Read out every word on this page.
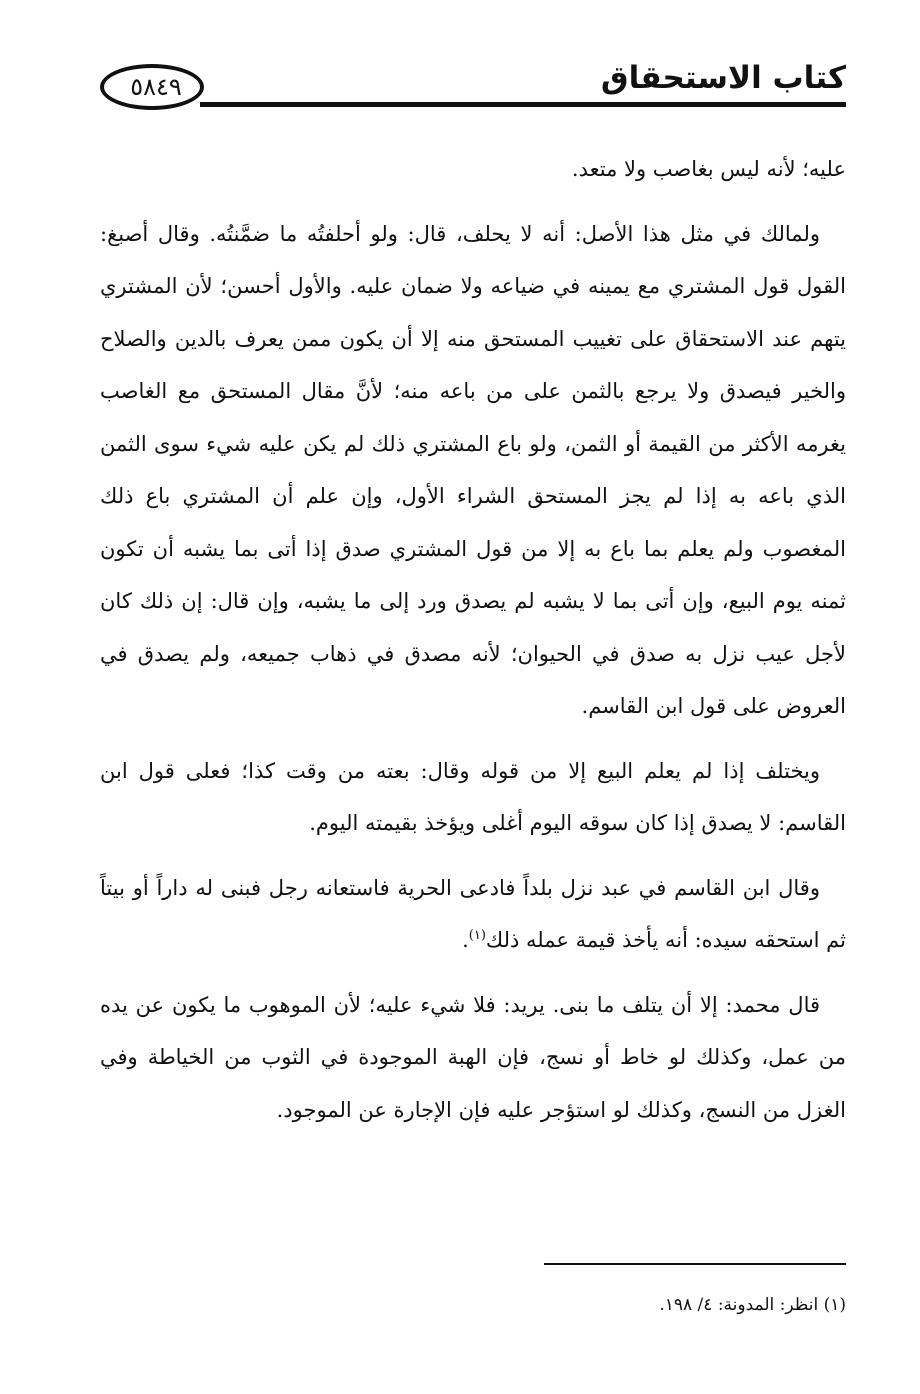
كتاب الاستحقاق
٥٨٤٩

عليه؛ لأنه ليس بغاصب ولا متعد.

ولمالك في مثل هذا الأصل: أنه لا يحلف، قال: ولو أحلفتُه ما ضمَّنتُه. وقال أصبغ: القول قول المشتري مع يمينه في ضياعه ولا ضمان عليه. والأول أحسن؛ لأن المشتري يتهم عند الاستحقاق على تغييب المستحق منه إلا أن يكون ممن يعرف بالدين والصلاح والخير فيصدق ولا يرجع بالثمن على من باعه منه؛ لأنَّ مقال المستحق مع الغاصب يغرمه الأكثر من القيمة أو الثمن، ولو باع المشتري ذلك لم يكن عليه شيء سوى الثمن الذي باعه به إذا لم يجز المستحق الشراء الأول، وإن علم أن المشتري باع ذلك المغصوب ولم يعلم بما باع به إلا من قول المشتري صدق إذا أتى بما يشبه أن تكون ثمنه يوم البيع، وإن أتى بما لا يشبه لم يصدق ورد إلى ما يشبه، وإن قال: إن ذلك كان لأجل عيب نزل به صدق في الحيوان؛ لأنه مصدق في ذهاب جميعه، ولم يصدق في العروض على قول ابن القاسم.

ويختلف إذا لم يعلم البيع إلا من قوله وقال: بعته من وقت كذا؛ فعلى قول ابن القاسم: لا يصدق إذا كان سوقه اليوم أغلى ويؤخذ بقيمته اليوم.

وقال ابن القاسم في عبد نزل بلداً فادعى الحرية فاستعانه رجل فبنى له داراً أو بيتاً ثم استحقه سيده: أنه يأخذ قيمة عمله ذلك$^{(١)}$.

قال محمد: إلا أن يتلف ما بنى. يريد: فلا شيء عليه؛ لأن الموهوب ما يكون عن يده من عمل، وكذلك لو خاط أو نسج، فإن الهبة الموجودة في الثوب من الخياطة وفي الغزل من النسج، وكذلك لو استؤجر عليه فإن الإجارة عن الموجود.

(١) انظر: المدونة: ٤/ ١٩٨.
